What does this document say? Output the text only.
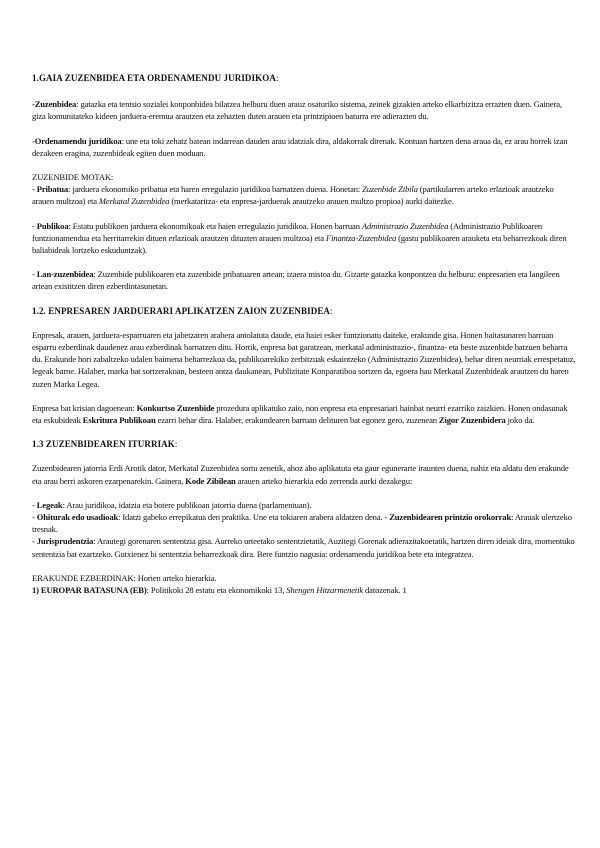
1.GAIA ZUZENBIDEA ETA ORDENAMENDU JURIDIKOA:

-Zuzenbidea: gatazka eta tentsio sozialei konponbidea bilatzea helburu duen arauz osaturiko sistema, zeinek gizakien arteko elkarbizitza errazten duen. Gainera, giza komunitateko kideen jarduera-eremua arautzen eta zehazten duten arauen eta printzipioen baturra ere adierazten du.

-Ordenamendu juridikoa: une eta toki zehatz batean indarrean dauden arau idatziak dira, aldakorrak direnak. Kontuan hartzen dena araua da, ez arau horrek izan dezakeen eragina, zuzenbideak egiten duen moduan.

ZUZENBIDE MOTAK:

- Pribatua: jarduera ekonomiko pribatua eta haren erregulazio juridikoa barnatzen duena. Honetan: Zuzenbide Zibila (partikularren arteko erlazioak arautzeko arauen multzoa) eta Merkatal Zuzenbidea (merkataritza- eta enpresa-jarduerak arautzeko arauen multzo propioa) aurki daitezke.

- Publikoa: Estatu publikoen jarduera ekonomikoak eta haien erregulazio juridikoa. Honen barruan Administrazio Zuzenbidea (Administrazio Publikoaren funtzionamendua eta herritarrekin dituen erlazioak arautzen dituzten arauen multzoa) eta Finantza-Zuzenbidea (gastu publikoaren arauketa eta beharrezkoak diren baliabideak lortzeko eskuduntzak).

- Lan-zuzenbidea: Zuzenbide publikoaren eta zuzenbide pribatuaren artean; izaera mistoa du. Gizarte gatazka konpontzea du helburu: enpresarien eta langileen artean existitzen diren ezberdintasunetan.

1.2. ENPRESAREN JARDUERARI APLIKATZEN ZAION ZUZENBIDEA:

Enpresak, arauen, jarduera-esparruaren eta jabetzaren arabera antolatuta daude, eta haiei esker funtzionatu daiteke, erakunde gisa. Honen baitasunaren barruan esparru ezberdinak daudenez arau ezberdinak barnatzen ditu. Hortik, enpresa bat garatzean, merkatal administrazio-, finantza- eta beste zuzenbide batzuen beharra du. Erakunde hori zabaltzeko udalen baimena beharrezkoa da, publikoarekiko zerbitzuak eskaintzeko (Administrazio Zuzenbidea), behar diren neurriak errespetatuz, legeak barne. Halaber, marka bat sortzerakoan, besteen antza daukanean, Publizitate Konparatiboa sortzen da, egoera hau Merkatal Zuzenbideak arautzen du haren zuzen Marka Legea.

Enpresa bat krisian dagoenean: Konkurtso Zuzenbide prozedura aplikatuko zaio, non enpresa eta enpresariari hainbat neurri ezarriko zaizkien. Honen ondasunak eta eskubideak Eskritura Publikoan ezarri behar dira. Halaber, erakundearen barruan delituren bat egonez gero, zuzenean Zigor Zuzenbidera joko da.

1.3 ZUZENBIDEAREN ITURRIAK:

Zuzenbidearen jatorria Erdi Arotik dator, Merkatal Zuzenbidea sortu zenetik, ahoz aho aplikatuta eta gaur egunerarte iraunten duena, nahiz eta aldatu den erakunde eta arau berri askoren ezarpenarekin. Gainera, Kode Zibilean arauen arteko hierarkia edo zerrenda aurki dezakegu:

- Legeak: Arau juridikoa, idatzia eta botere publikoan jatorria duena (parlamentuan).

- Ohiturak edo usadioak: Idatzi gabeko errepikatua den praktika. Une eta tokiaren arabera aldatzen dena. - Zuzenbidearen printzio orokorrak: Arauak ulertzeko tresnak.

- Jurisprudentzia: Arautegi gorenaren sententzia gisa. Aurreko urteetako sententzietatik, Auzitegi Gorenak adierazitakoetatik, hartzen diren ideiak dira, momentuko sententzia bat ezartzeko. Gutxienez bi sententzia beharrezkoak dira. Bere funtzio nagusia: ordenamendu juridikoa bete eta integratzea.

ERAKUNDE EZBERDINAK: Horien arteko hierarkia.

1) EUROPAR BATASUNA (EB): Politikoki 28 estatu eta ekonomikoki 13, Shengen Hitzarmenetik datozenak. 1
